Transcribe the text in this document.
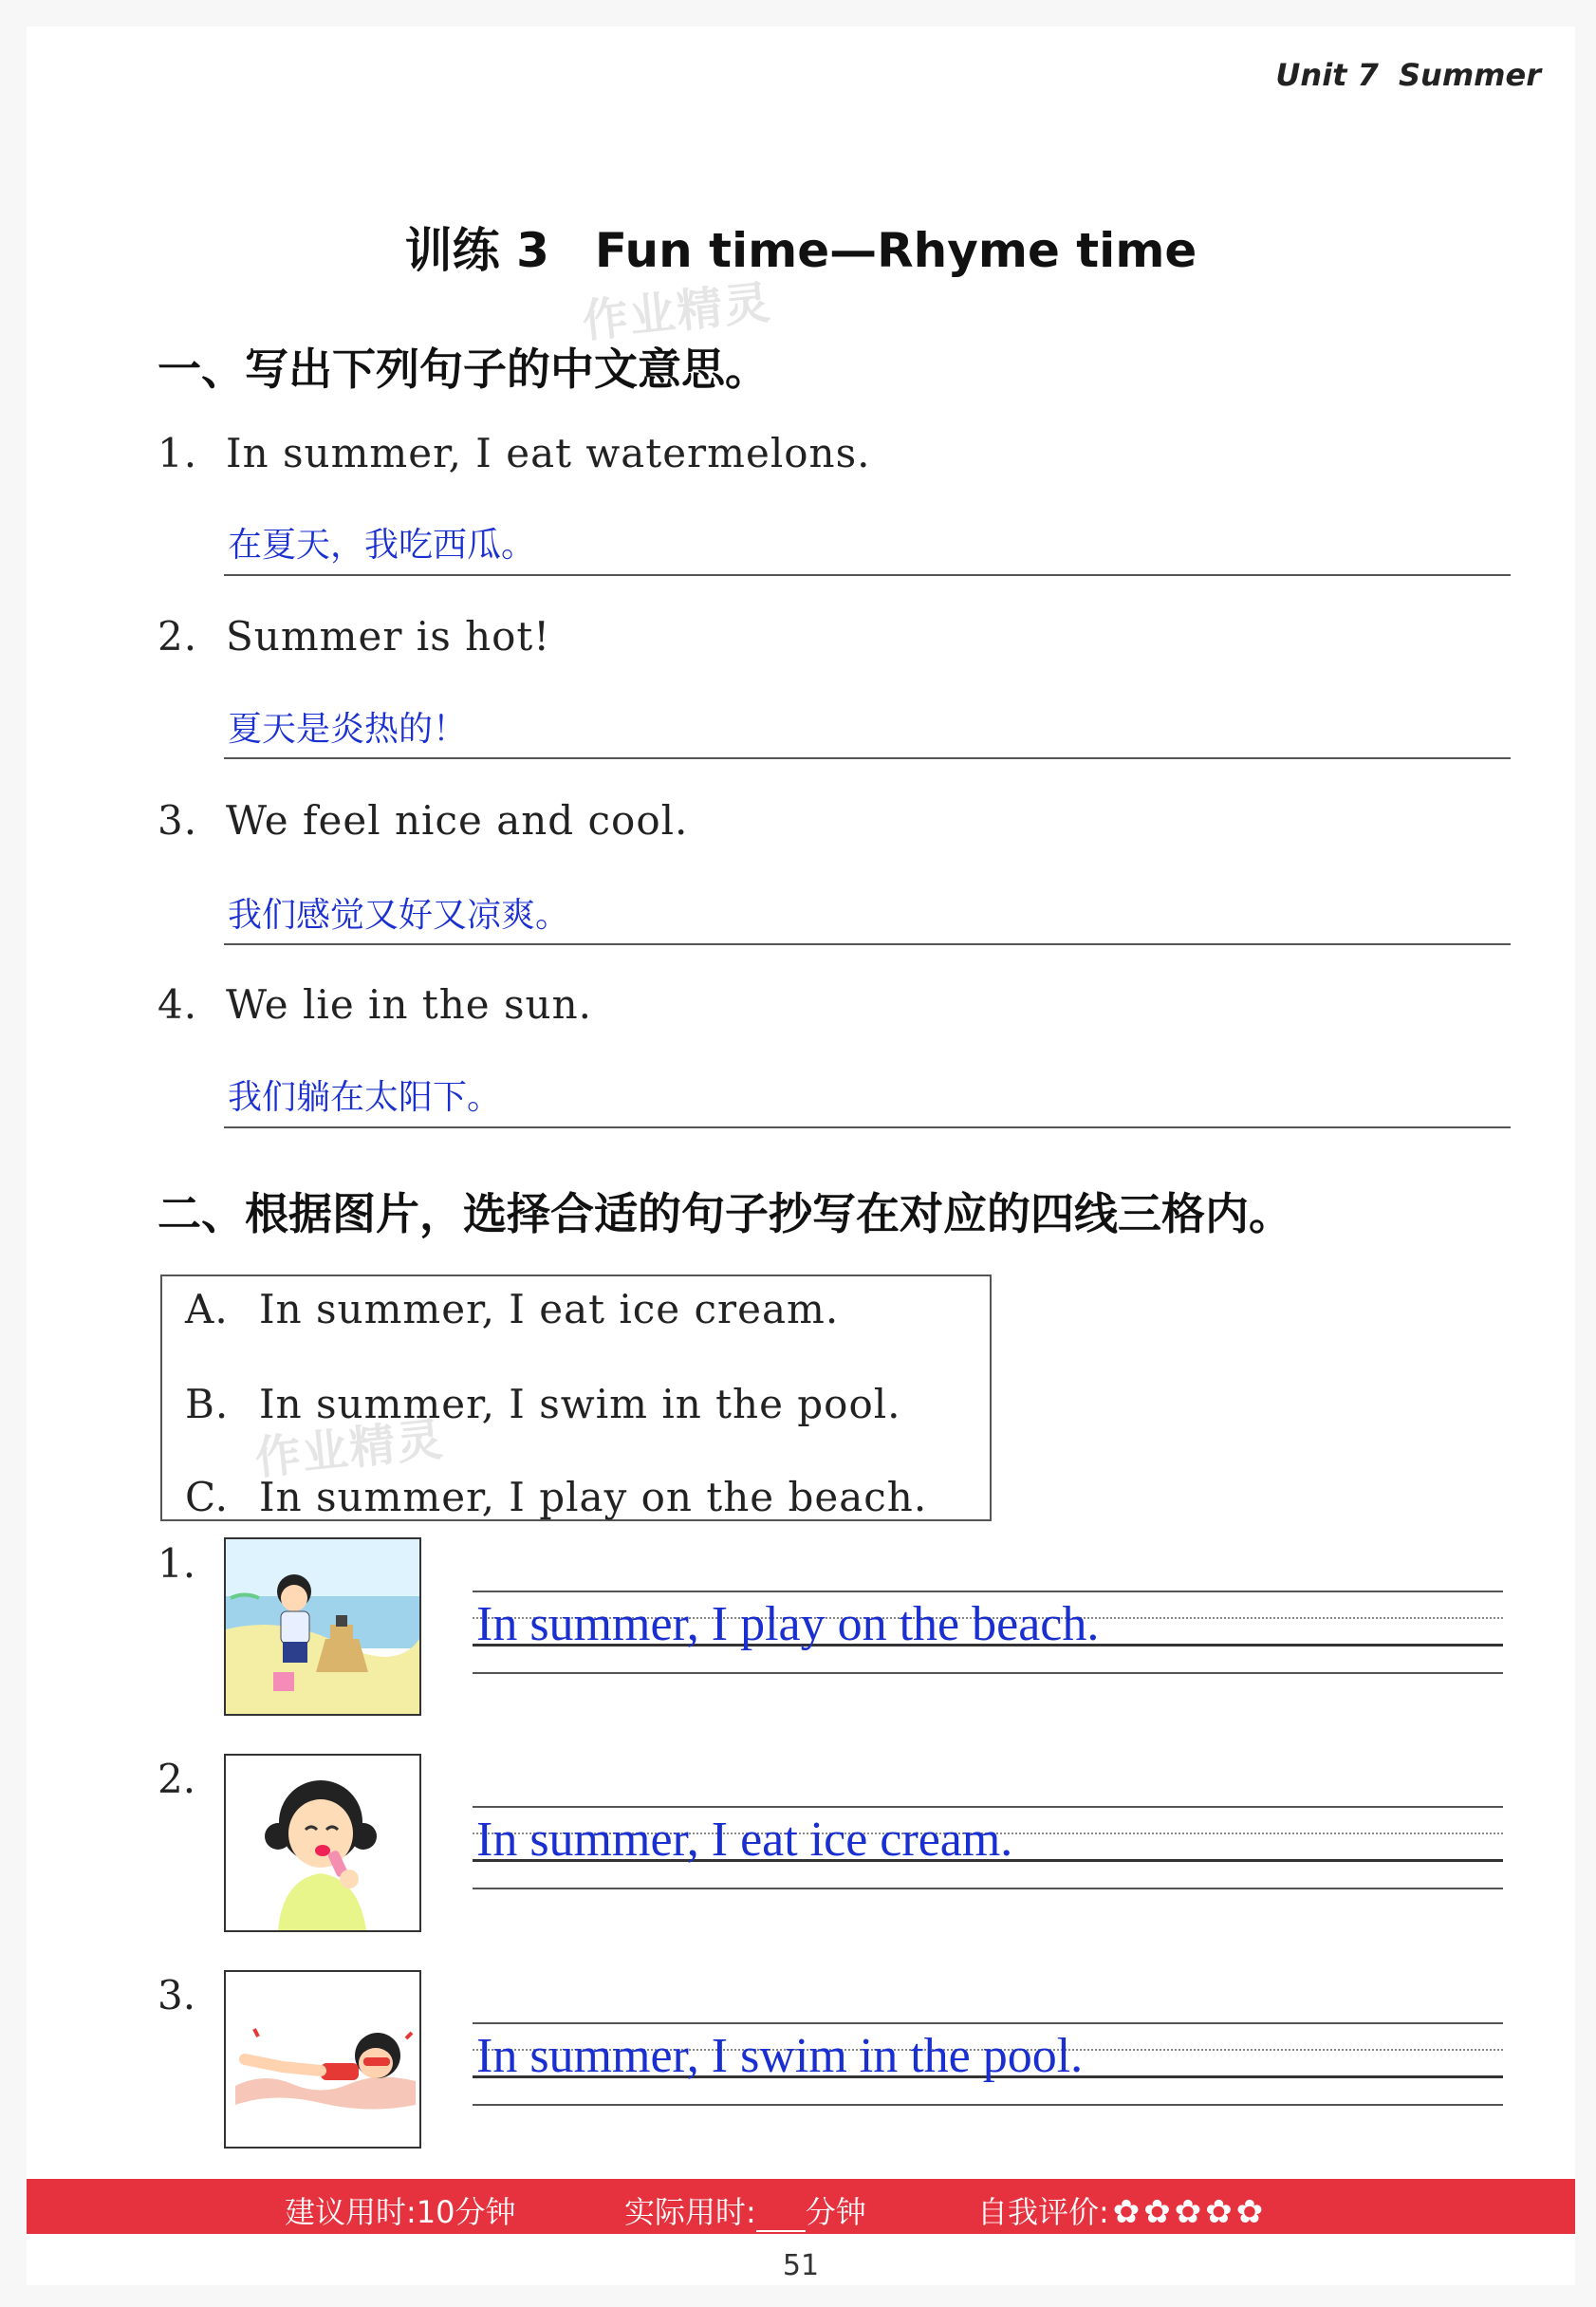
Unit 7 Summer
训练 3 Fun time—Rhyme time
作业精灵
一、写出下列句子的中文意思。
1. In summer, I eat watermelons.
在夏天，我吃西瓜。
2. Summer is hot!
夏天是炎热的！
3. We feel nice and cool.
我们感觉又好又凉爽。
4. We lie in the sun.
我们躺在太阳下。
二、根据图片，选择合适的句子抄写在对应的四线三格内。
A. In summer, I eat ice cream.
B. In summer, I swim in the pool.
C. In summer, I play on the beach.
作业精灵
1.
In summer, I play on the beach.
2.
In summer, I eat ice cream.
3.
In summer, I swim in the pool.
建议用时:10分钟	实际用时: 分钟	自我评价: ✿ ✿ ✿ ✿ ✿
51
